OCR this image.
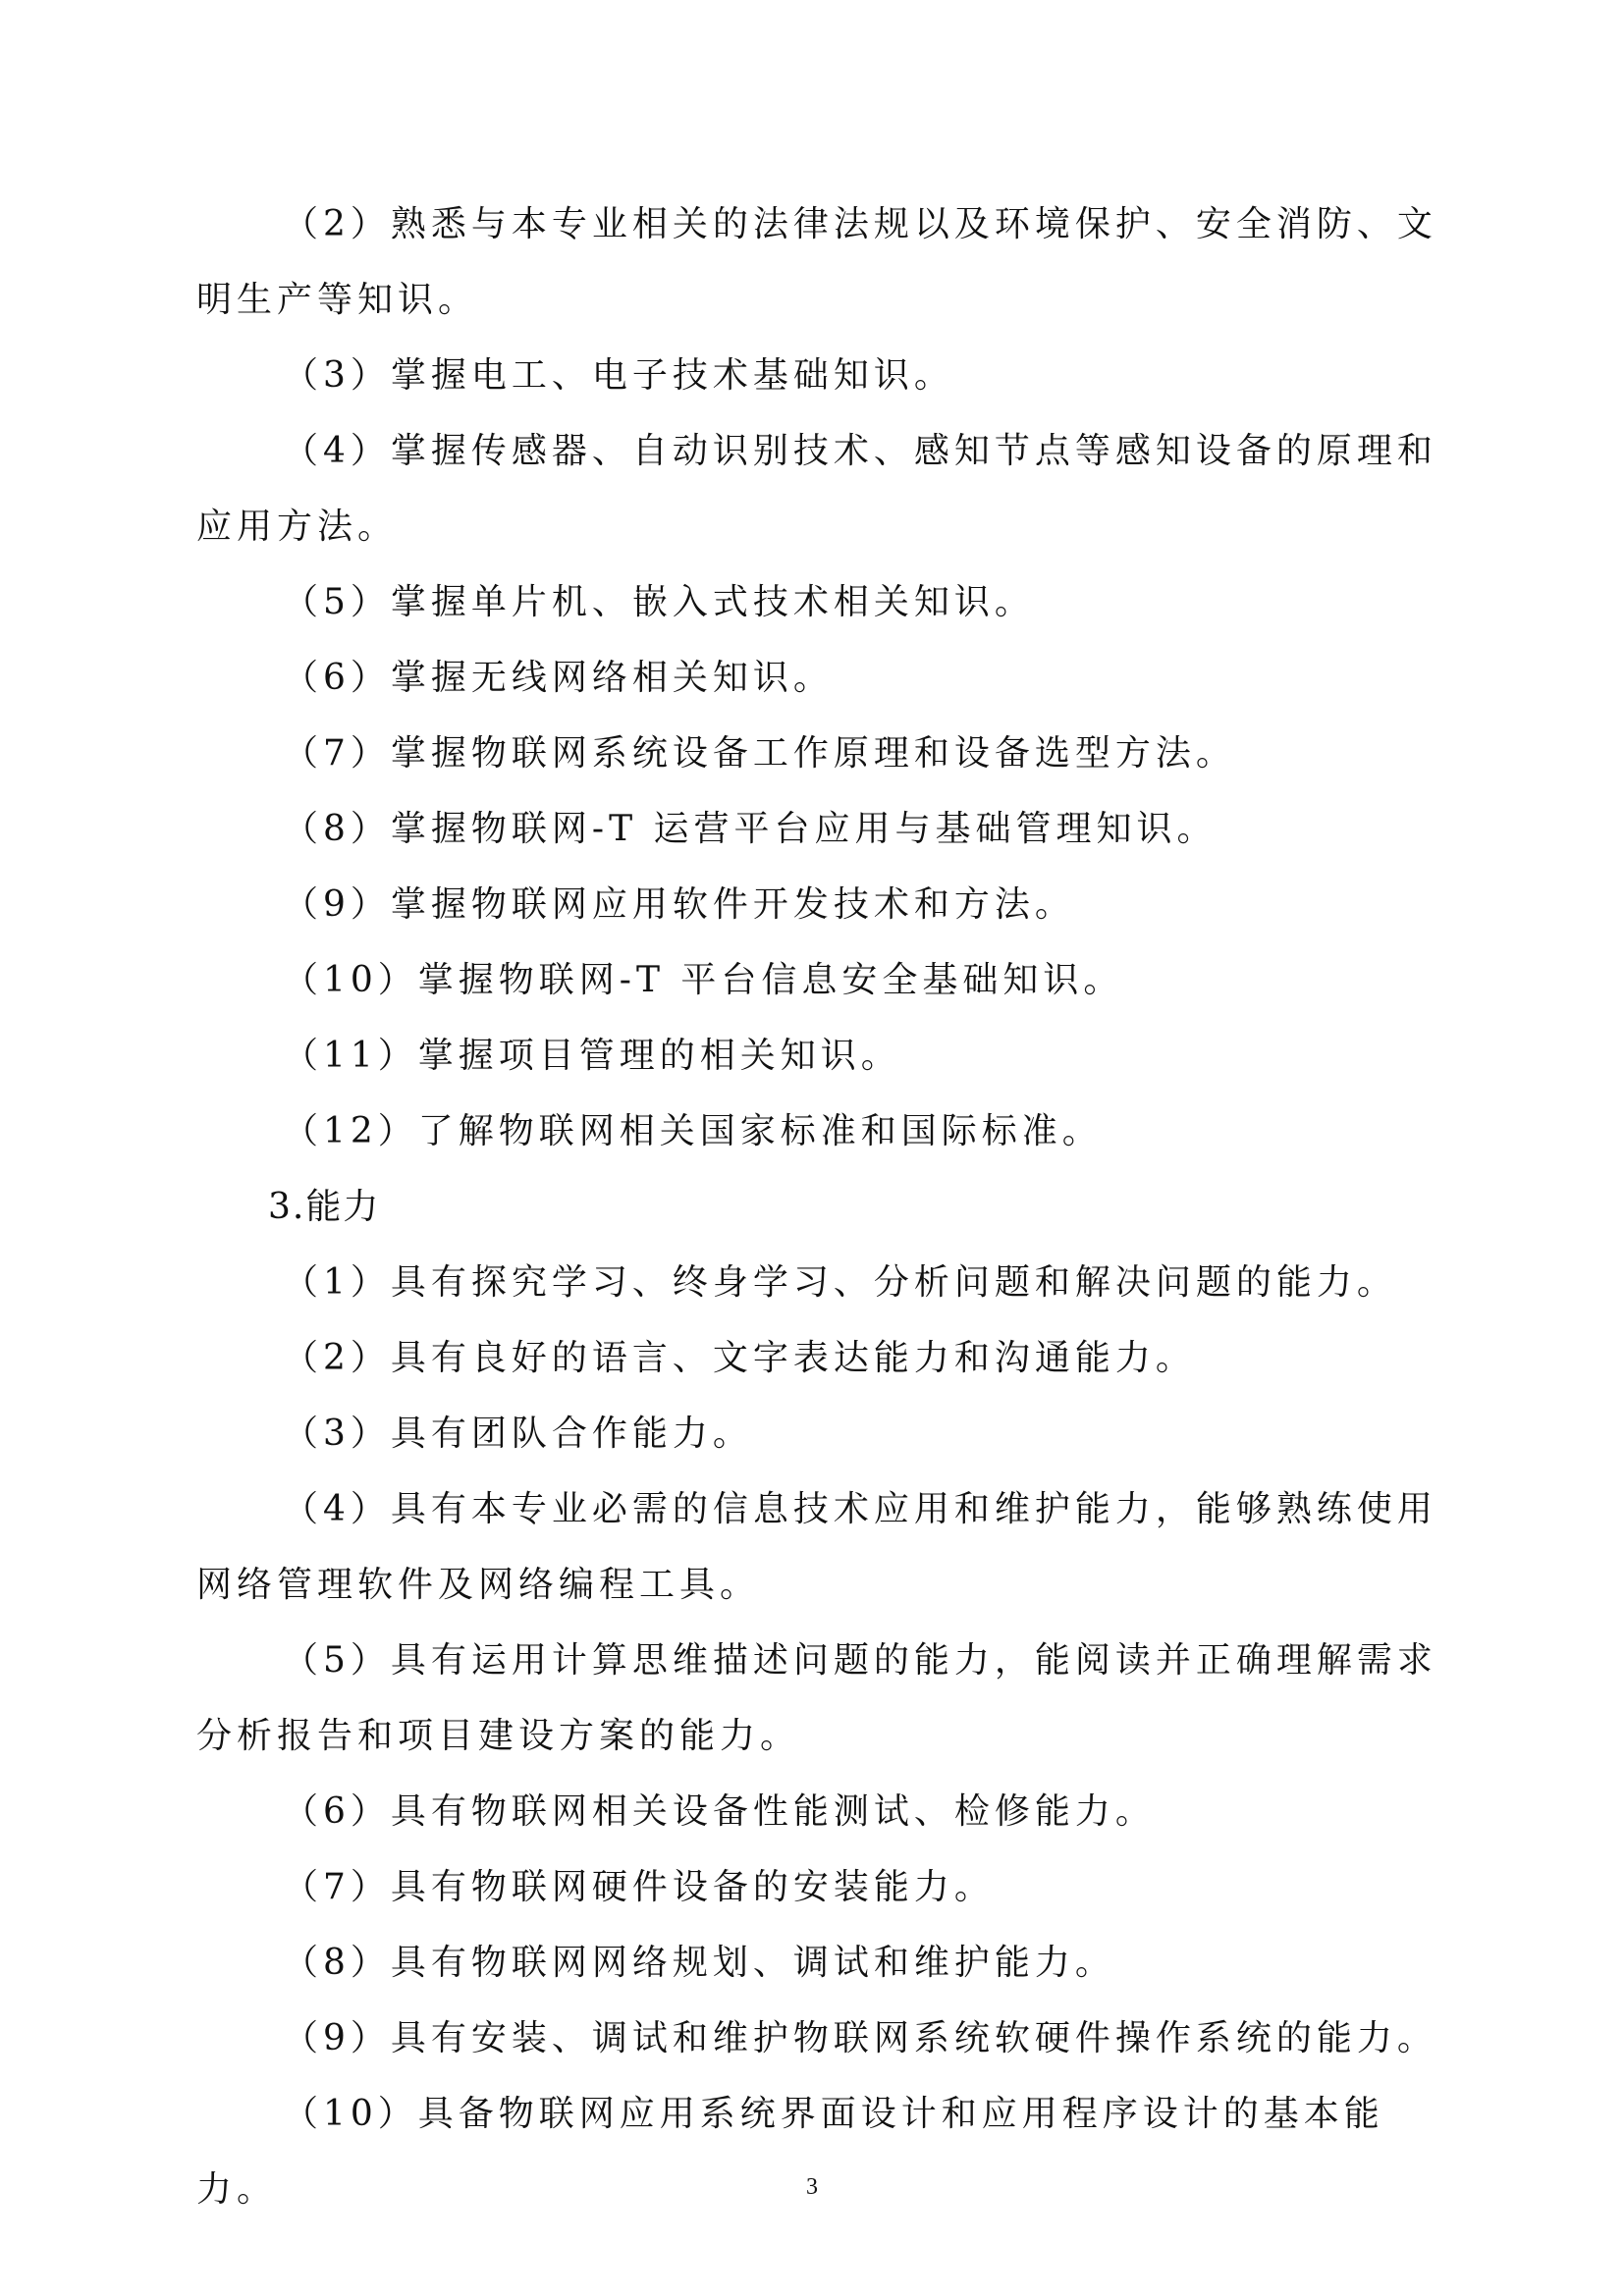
（2）熟悉与本专业相关的法律法规以及环境保护、安全消防、文明生产等知识。

（3）掌握电工、电子技术基础知识。

（4）掌握传感器、自动识别技术、感知节点等感知设备的原理和应用方法。

（5）掌握单片机、嵌入式技术相关知识。

（6）掌握无线网络相关知识。

（7）掌握物联网系统设备工作原理和设备选型方法。

（8）掌握物联网-T 运营平台应用与基础管理知识。

（9）掌握物联网应用软件开发技术和方法。

（10）掌握物联网-T 平台信息安全基础知识。

（11）掌握项目管理的相关知识。

（12）了解物联网相关国家标准和国际标准。

3.能力

（1）具有探究学习、终身学习、分析问题和解决问题的能力。

（2）具有良好的语言、文字表达能力和沟通能力。

（3）具有团队合作能力。

（4）具有本专业必需的信息技术应用和维护能力，能够熟练使用网络管理软件及网络编程工具。

（5）具有运用计算思维描述问题的能力，能阅读并正确理解需求分析报告和项目建设方案的能力。

（6）具有物联网相关设备性能测试、检修能力。

（7）具有物联网硬件设备的安装能力。

（8）具有物联网网络规划、调试和维护能力。

（9）具有安装、调试和维护物联网系统软硬件操作系统的能力。

（10）具备物联网应用系统界面设计和应用程序设计的基本能力。	3
